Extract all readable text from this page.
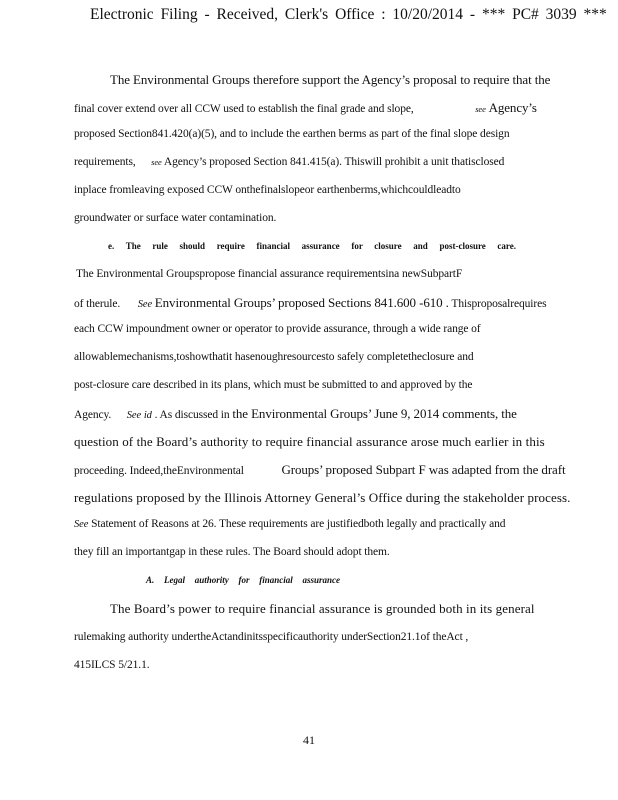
Electronic Filing - Received, Clerk's Office : 10/20/2014 - *** PC# 3039 ***
The Environmental Groups therefore support the Agency’s proposal to require that the
final cover extend over all CCW used to establish the final grade and slope,	see Agency’s
proposed Section841.420(a)(5), and to include the earthen berms as part of the final slope design
requirements, see Agency’s proposed Section 841.415(a). Thiswill prohibit a unit thatisclosed
inplace fromleaving exposed CCW onthefinalslopeor earthenberms,whichcouldleadto
groundwater or surface water contamination.
e. The rule should require financial assurance for closure and post-closure care.
The Environmental Groupspropose financial assurance requirementsina newSubpartF
of therule. See Environmental Groups’ proposed Sections 841.600 -610 . Thisproposalrequires
each CCW impoundment owner or operator to provide assurance, through a wide range of
allowablemechanisms,toshowthatit hasenoughresourcesto safely completetheclosure and
post-closure care described in its plans, which must be submitted to and approved by the
Agency. See id . As discussed in the Environmental Groups’ June 9, 2014 comments, the
question of the Board’s authority to require financial assurance arose much earlier in this
proceeding. Indeed,theEnvironmental	Groups’ proposed Subpart F was adapted from the draft
regulations proposed by the Illinois Attorney General’s Office during the stakeholder process.
See Statement of Reasons at 26. These requirements are justifiedboth legally and practically and
they fill an importantgap in these rules. The Board should adopt them.
A. Legal authority for financial assurance
The Board’s power to require financial assurance is grounded both in its general
rulemaking authority undertheActandinitsspecificauthority underSection21.1of theAct ,
415ILCS 5/21.1.
41
